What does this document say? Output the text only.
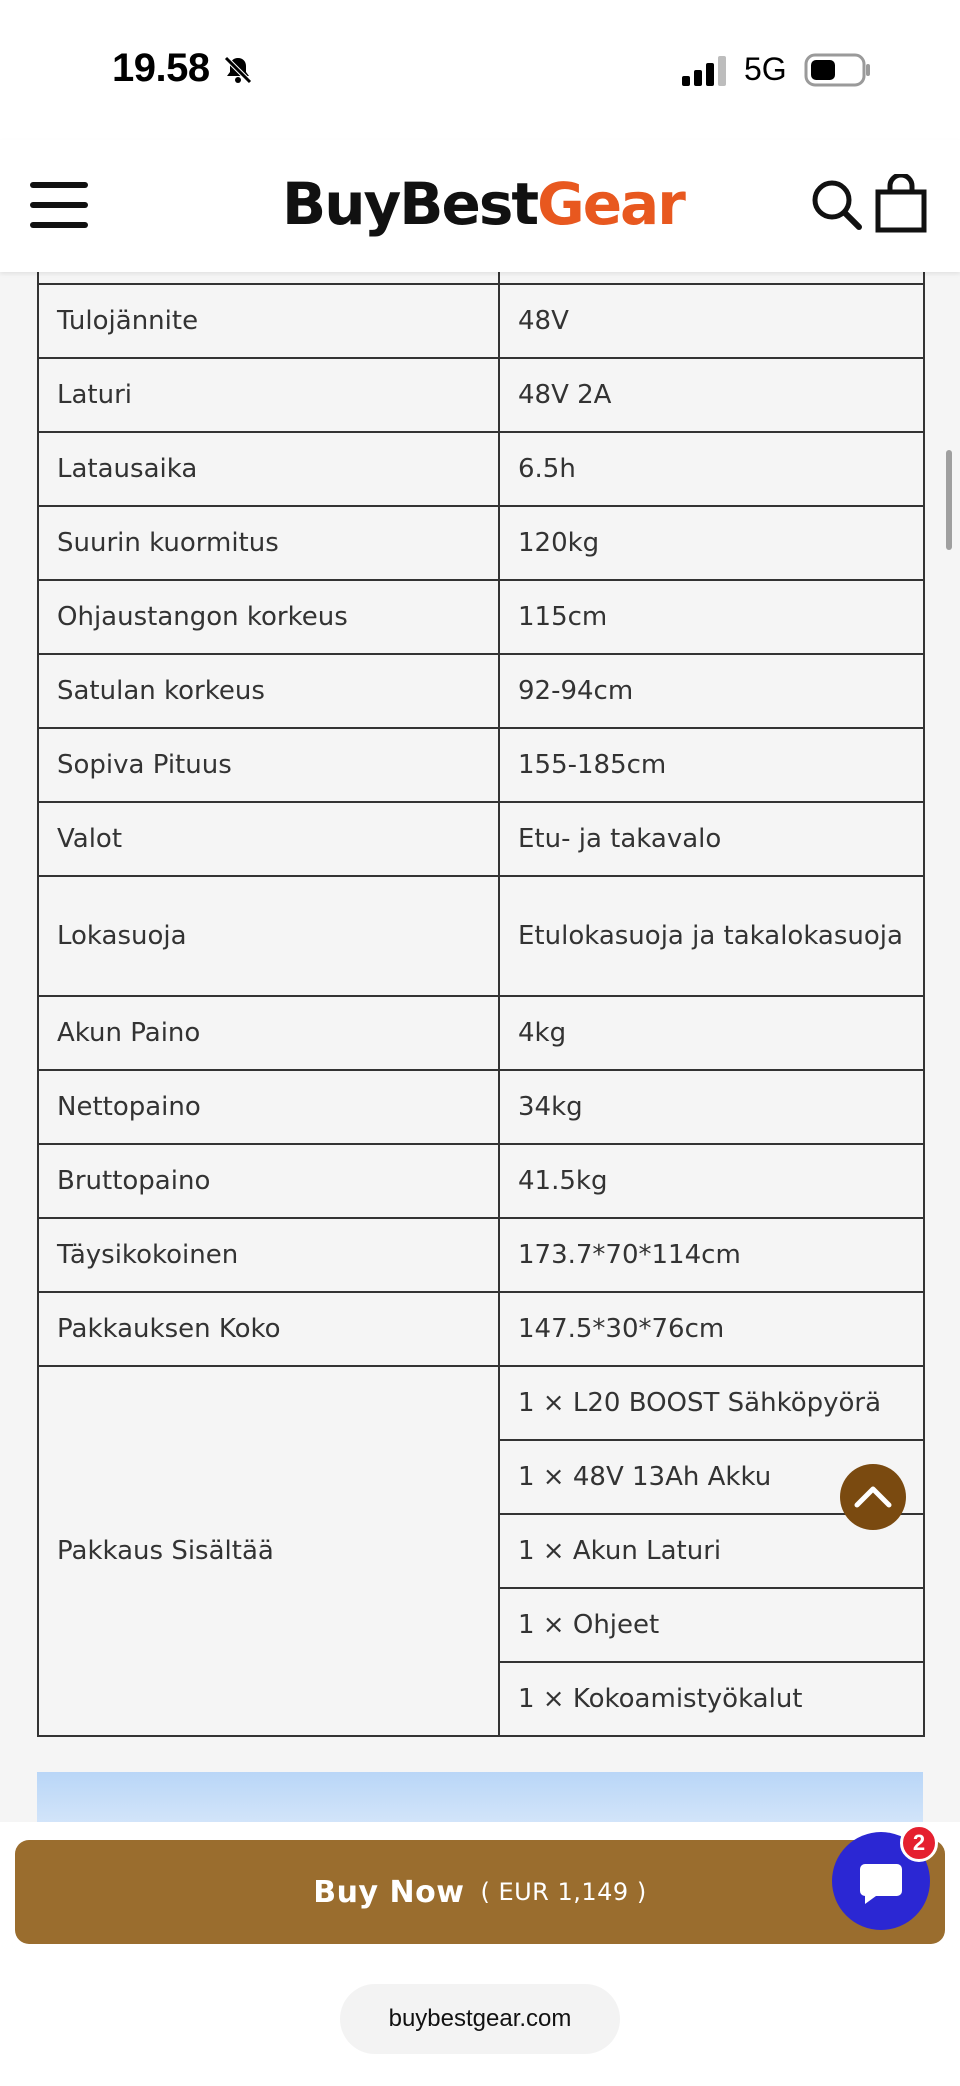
19.58	5G
BuyBestGear

Tulojännite	48V
Laturi	48V 2A
Latausaika	6.5h
Suurin kuormitus	120kg
Ohjaustangon korkeus	115cm
Satulan korkeus	92-94cm
Sopiva Pituus	155-185cm
Valot	Etu- ja takavalo
Lokasuoja	Etulokasuoja ja takalokasuoja
Akun Paino	4kg
Nettopaino	34kg
Bruttopaino	41.5kg
Täysikokoinen	173.7*70*114cm
Pakkauksen Koko	147.5*30*76cm
Pakkaus Sisältää	1 × L20 BOOST Sähköpyörä
	1 × 48V 13Ah Akku
	1 × Akun Laturi
	1 × Ohjeet
	1 × Kokoamistyökalut
Buy Now ( EUR 1,149 )
2
buybestgear.com
